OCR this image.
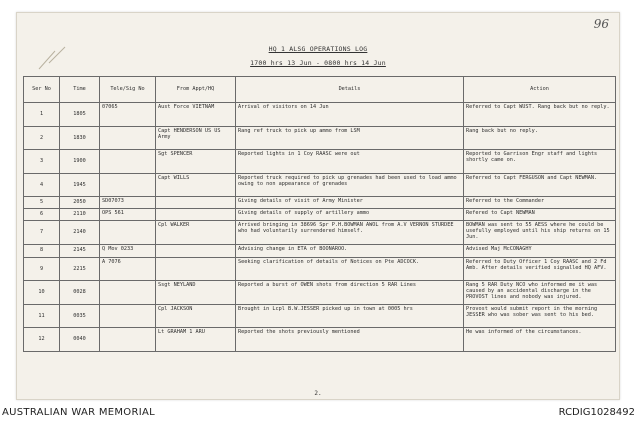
96
HQ 1 ALSG OPERATIONS LOG
1700 hrs 13 Jun - 0800 hrs 14 Jun
Ser No	Time	Tele/Sig No	From Appt/HQ	Details	Action
1	1805	07065	Aust Force VIETNAM	Arrival of visitors on 14 Jun	Referred to Capt WUST. Rang back but no reply.
2	1830		Capt HENDERSON US US Army	Rang ref truck to pick up ammo from LSM	Rang back but no reply.
3	1900		Sgt SPENCER	Reported lights in 1 Coy RAASC were out	Reported to Garrison Engr staff and lights shortly came on.
4	1945		Capt WILLS	Reported truck required to pick up grenades had been used to load ammo owing to non appearance of grenades	Referred to Capt FERGUSON and Capt NEWMAN.
5	2050	SD07073		Giving details of visit of Army Minister	Referred to the Commander
6	2110	OPS 561		Giving details of supply of artillery ammo	Refered to Capt NEWMAN
7	2140		Cpl WALKER	Arrived bringing in 38696 Spr P.H.BOWMAN AWOL from A.V VERNON STURDEE who had voluntarily surrendered himself.	BOWMAN was sent to 55 AESS where he could be usefully employed until his ship returns on 15 Jun.
8	2145	Q Mov 0233		Advising change in ETA of BOONAROO.	Advised Maj McCONAGHY
9	2215	A 7076		Seeking clarification of details of Notices on Pte ADCOCK.	Referred to Duty Officer 1 Coy RAASC and 2 Fd Amb. After details verified signalled HQ AFV.
10	0028		Ssgt NEYLAND	Reported a burst of OWEN shots from direction 5 RAR Lines	Rang 5 RAR Duty NCO who informed me it was caused by an accidental discharge in the PROVOST lines and nobody was injured.
11	0035		Cpl JACKSON	Brought in Lcpl B.W.JESSER picked up in town at 0005 hrs	Provost would submit report in the morning JESSER who was sober was sent to his bed.
12	0040		Lt GRAHAM 1 ARU	Reported the shots previously mentioned	He was informed of the circumstances.
2.
AUSTRALIAN WAR MEMORIAL	RCDIG1028492
